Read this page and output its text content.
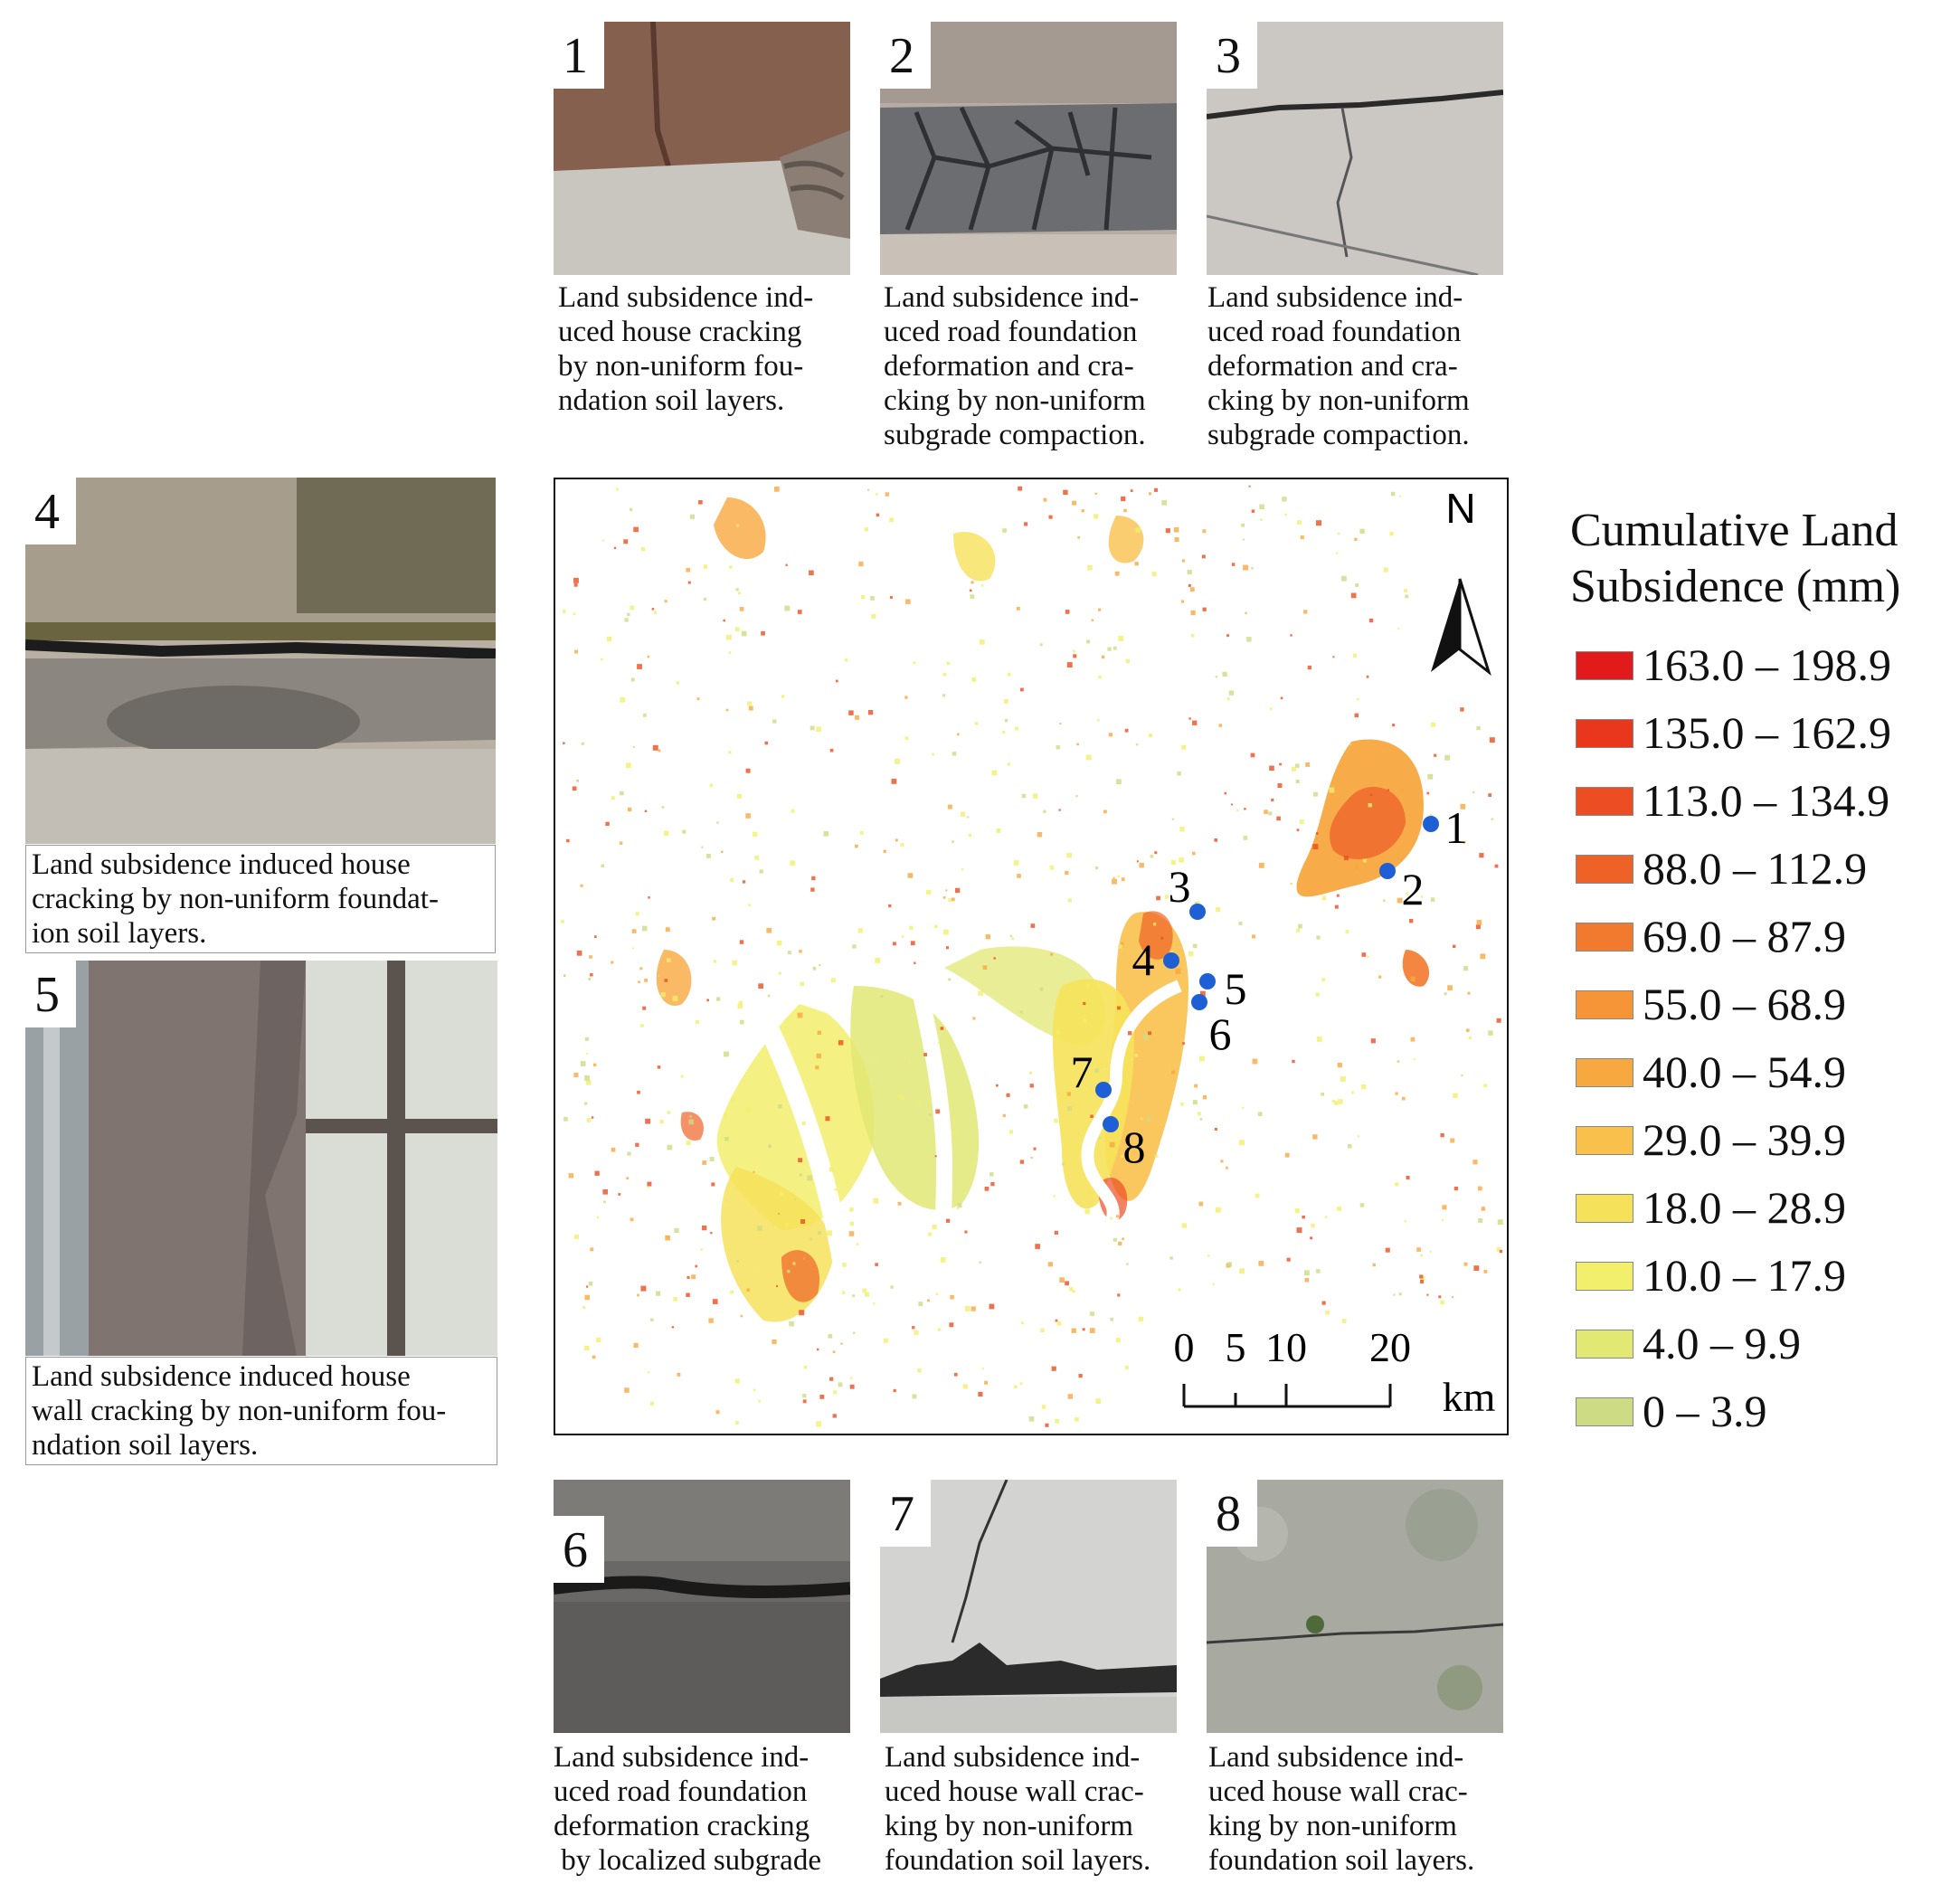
1
Land subsidence ind-
uced house cracking
by non-uniform fou-
ndation soil layers.
2
Land subsidence ind-
uced road foundation
deformation and cra-
cking by non-uniform
subgrade compaction.
3
Land subsidence ind-
uced road foundation
deformation and cra-
cking by non-uniform
subgrade compaction.
4
Land subsidence induced house
cracking by non-uniform foundat-
ion soil layers.
5
Land subsidence induced house
wall cracking by non-uniform fou-
ndation soil layers.
6
Land subsidence ind-
uced road foundation
deformation cracking
by localized subgrade
7
Land subsidence ind-
uced house wall crac-
king by non-uniform
foundation soil layers.
8
Land subsidence ind-
uced house wall crac-
king by non-uniform
foundation soil layers.
N
0 5 10 20
km
1
2
3
4
5
6
7
8
Cumulative Land
Subsidence (mm)
163.0 – 198.9
135.0 – 162.9
113.0 – 134.9
88.0 – 112.9
69.0 – 87.9
55.0 – 68.9
40.0 – 54.9
29.0 – 39.9
18.0 – 28.9
10.0 – 17.9
4.0 – 9.9
0 – 3.9
